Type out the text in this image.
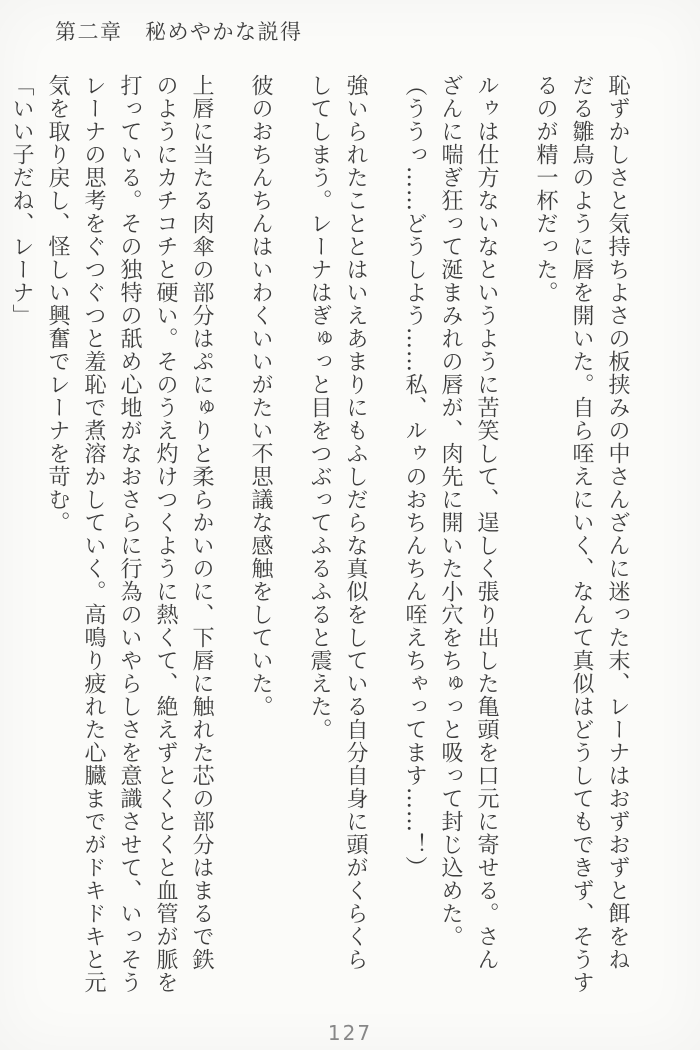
第二章　秘めやかな説得
恥ずかしさと気持ちよさの板挟みの中さんざんに迷った末、レーナはおずおずと餌をね
だる雛鳥のように唇を開いた。自ら咥えにいく、なんて真似はどうしてもできず、そうす
るのが精一杯だった。
ルゥは仕方ないなというように苦笑して、逞しく張り出した亀頭を口元に寄せる。さん
ざんに喘ぎ狂って涎まみれの唇が、肉先に開いた小穴をちゅっと吸って封じ込めた。
（ううっ……どうしよう……私、ルゥのおちんちん咥えちゃってます……！）
強いられたこととはいえあまりにもふしだらな真似をしている自分自身に頭がくらくら
してしまう。レーナはぎゅっと目をつぶってふるふると震えた。
彼のおちんちんはいわくいいがたい不思議な感触をしていた。
上唇に当たる肉傘の部分はぷにゅりと柔らかいのに、下唇に触れた芯の部分はまるで鉄
のようにカチコチと硬い。そのうえ灼けつくように熱くて、絶えずとくとくと血管が脈を
打っている。その独特の舐め心地がなおさらに行為のいやらしさを意識させて、いっそう
レーナの思考をぐつぐつと羞恥で煮溶かしていく。高鳴り疲れた心臓までがドキドキと元
気を取り戻し、怪しい興奮でレーナを苛む。
「いい子だね、レーナ」
127
